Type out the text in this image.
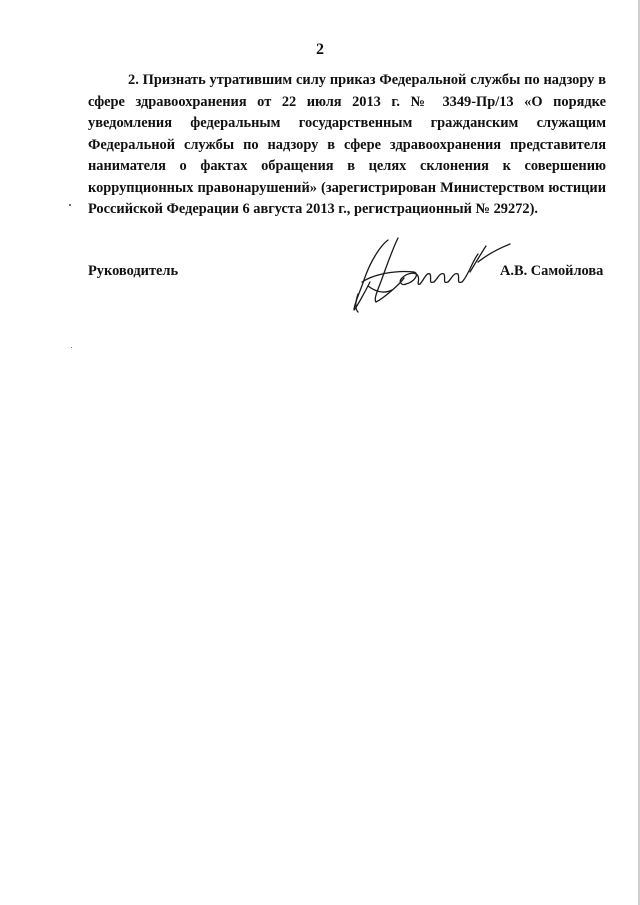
2
2. Признать утратившим силу приказ Федеральной службы по надзору в
сфере здравоохранения от 22 июля 2013 г. № 3349-Пр/13 «О порядке
уведомления федеральным государственным гражданским служащим
Федеральной службы по надзору в сфере здравоохранения представителя
нанимателя о фактах обращения в целях склонения к совершению
коррупционных правонарушений» (зарегистрирован Министерством юстиции
Российской Федерации 6 августа 2013 г., регистрационный № 29272).
Руководитель	А.В. Самойлова
